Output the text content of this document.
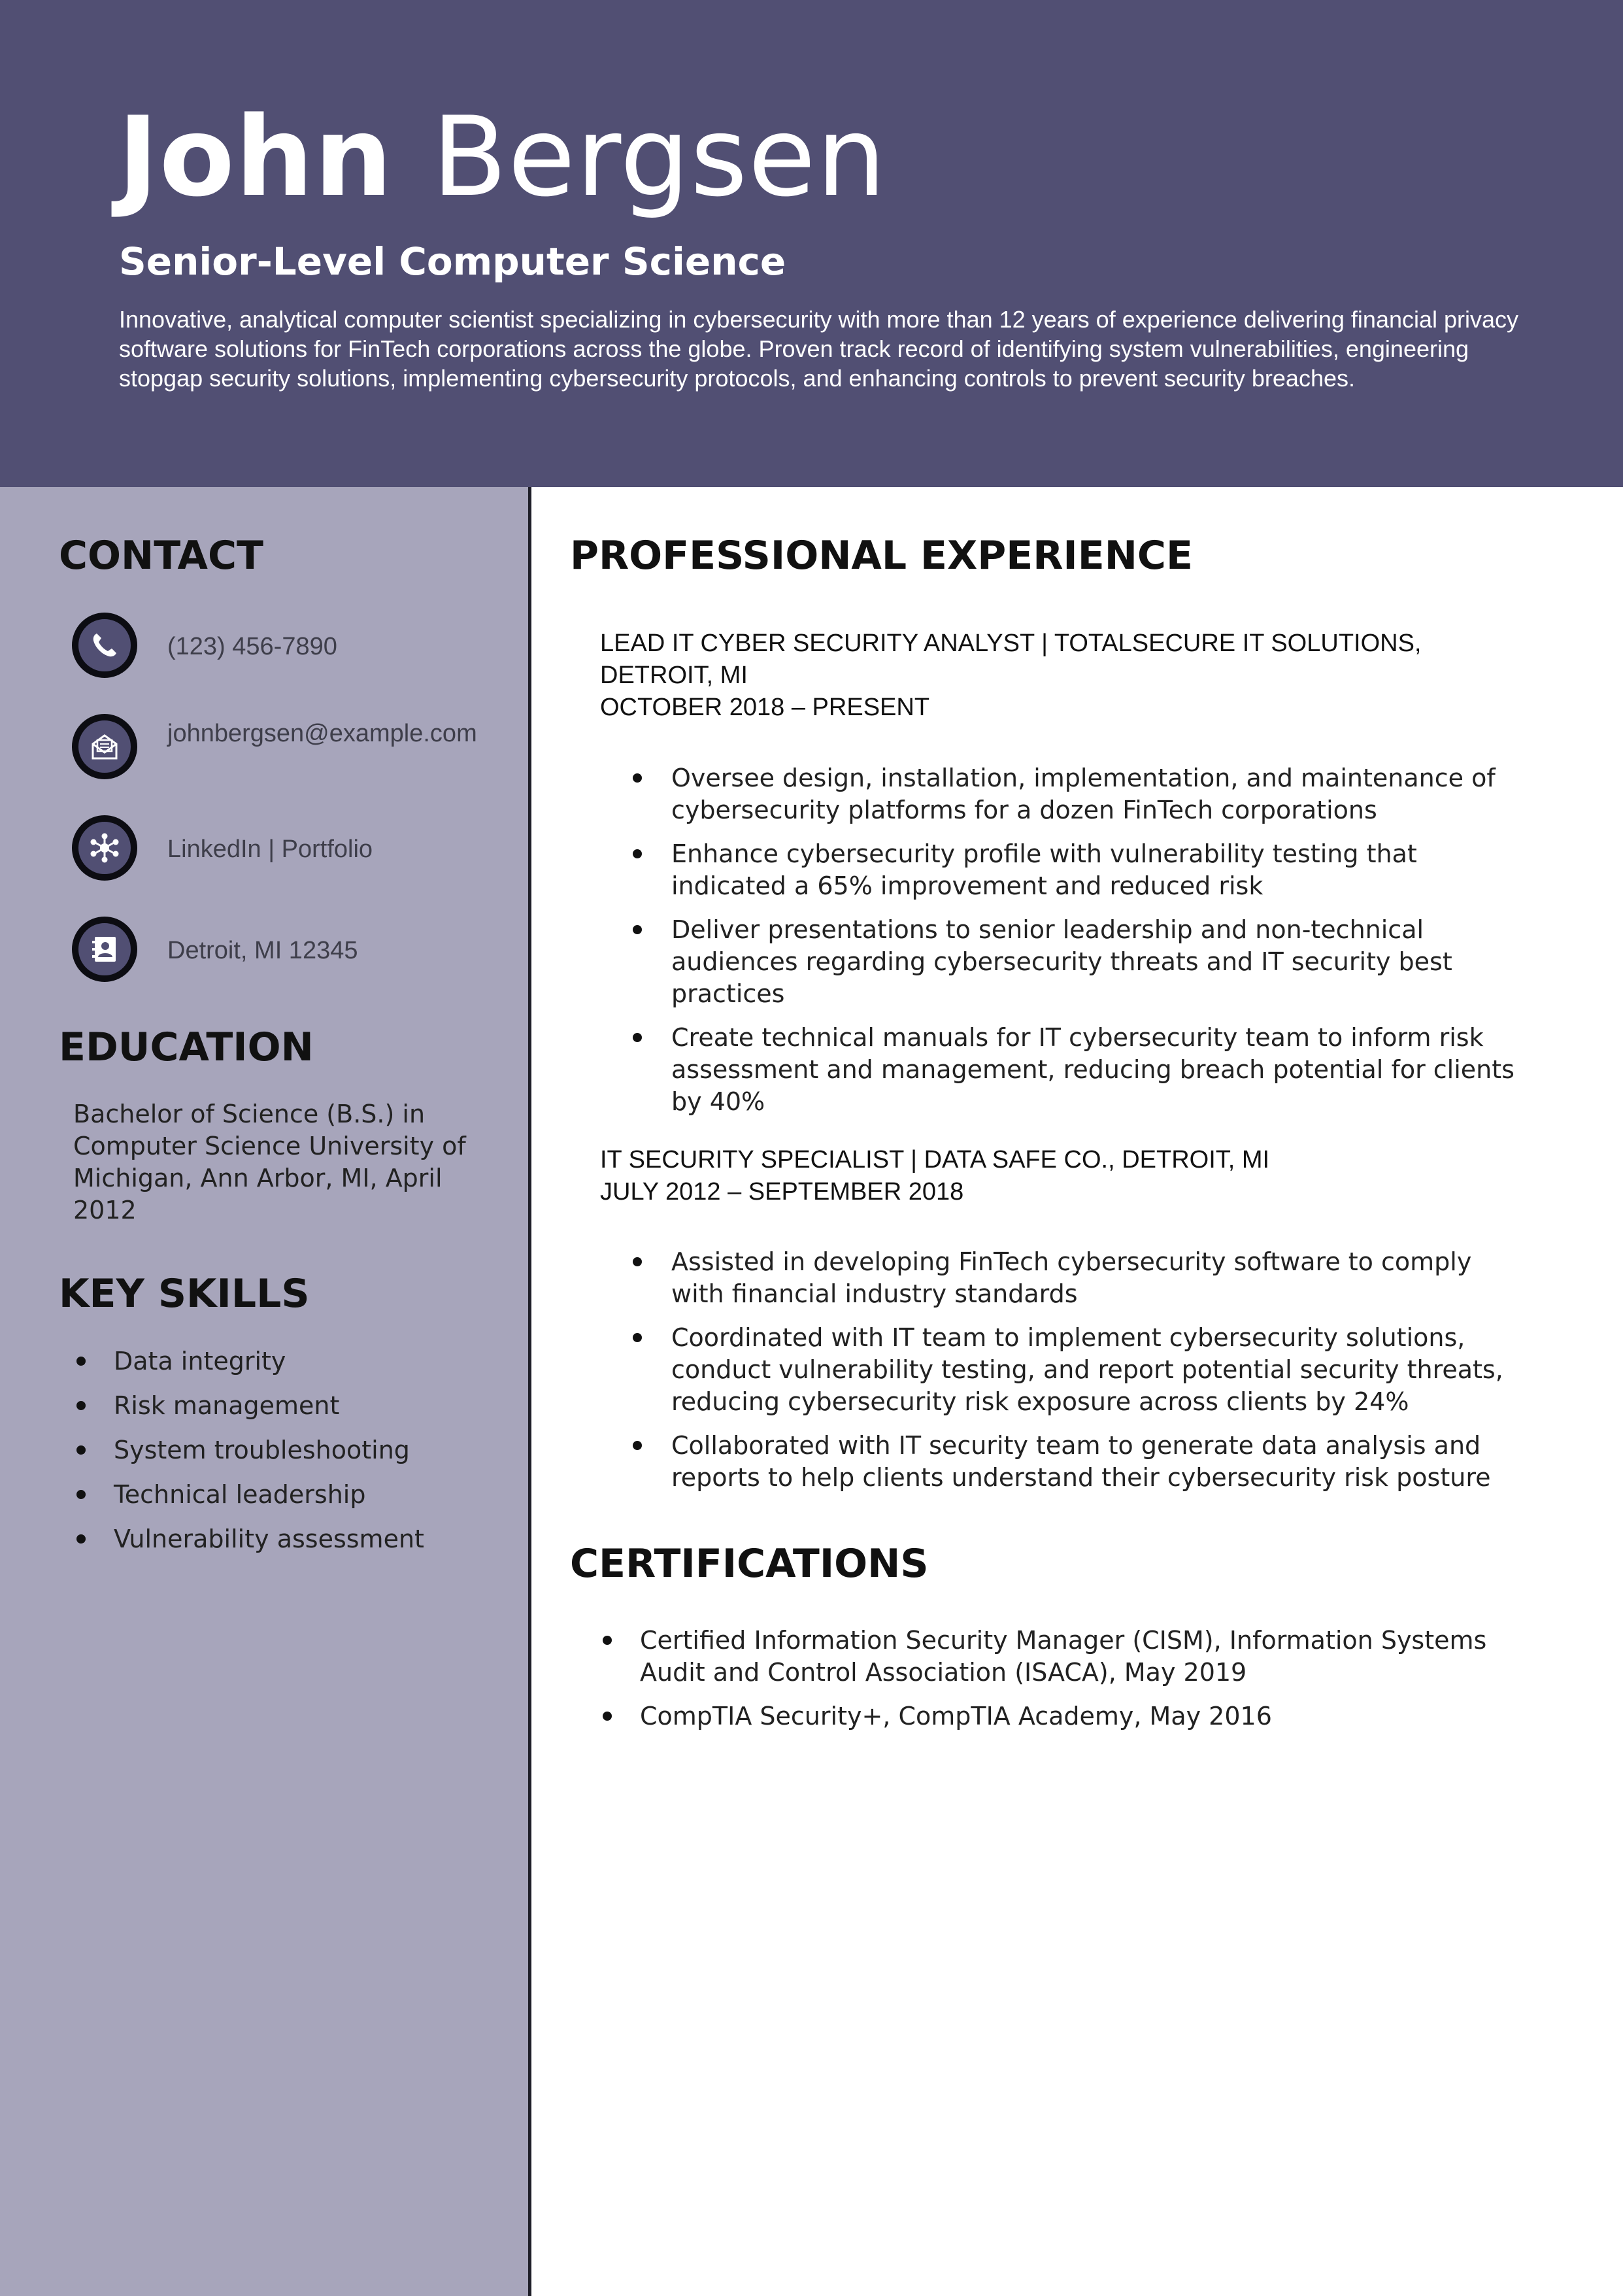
John Bergsen
Senior-Level Computer Science

Innovative, analytical computer scientist specializing in cybersecurity with more than 12 years of experience delivering financial privacy software solutions for FinTech corporations across the globe. Proven track record of identifying system vulnerabilities, engineering stopgap security solutions, implementing cybersecurity protocols, and enhancing controls to prevent security breaches.

CONTACT
(123) 456-7890
johnbergsen@example.com
LinkedIn | Portfolio
Detroit, MI 12345
EDUCATION

Bachelor of Science (B.S.) in Computer Science University of Michigan, Ann Arbor, MI, April 2012

KEY SKILLS
Data integrity
Risk management
System troubleshooting
Technical leadership
Vulnerability assessment
PROFESSIONAL EXPERIENCE
LEAD IT CYBER SECURITY ANALYST | TOTALSECURE IT SOLUTIONS, DETROIT, MI
OCTOBER 2018 – PRESENT
Oversee design, installation, implementation, and maintenance of cybersecurity platforms for a dozen FinTech corporations
Enhance cybersecurity profile with vulnerability testing that indicated a 65% improvement and reduced risk
Deliver presentations to senior leadership and non-technical audiences regarding cybersecurity threats and IT security best practices
Create technical manuals for IT cybersecurity team to inform risk assessment and management, reducing breach potential for clients by 40%
IT SECURITY SPECIALIST | DATA SAFE CO., DETROIT, MI
JULY 2012 – SEPTEMBER 2018
Assisted in developing FinTech cybersecurity software to comply with financial industry standards
Coordinated with IT team to implement cybersecurity solutions, conduct vulnerability testing, and report potential security threats, reducing cybersecurity risk exposure across clients by 24%
Collaborated with IT security team to generate data analysis and reports to help clients understand their cybersecurity risk posture
CERTIFICATIONS
Certified Information Security Manager (CISM), Information Systems Audit and Control Association (ISACA), May 2019
CompTIA Security+, CompTIA Academy, May 2016
